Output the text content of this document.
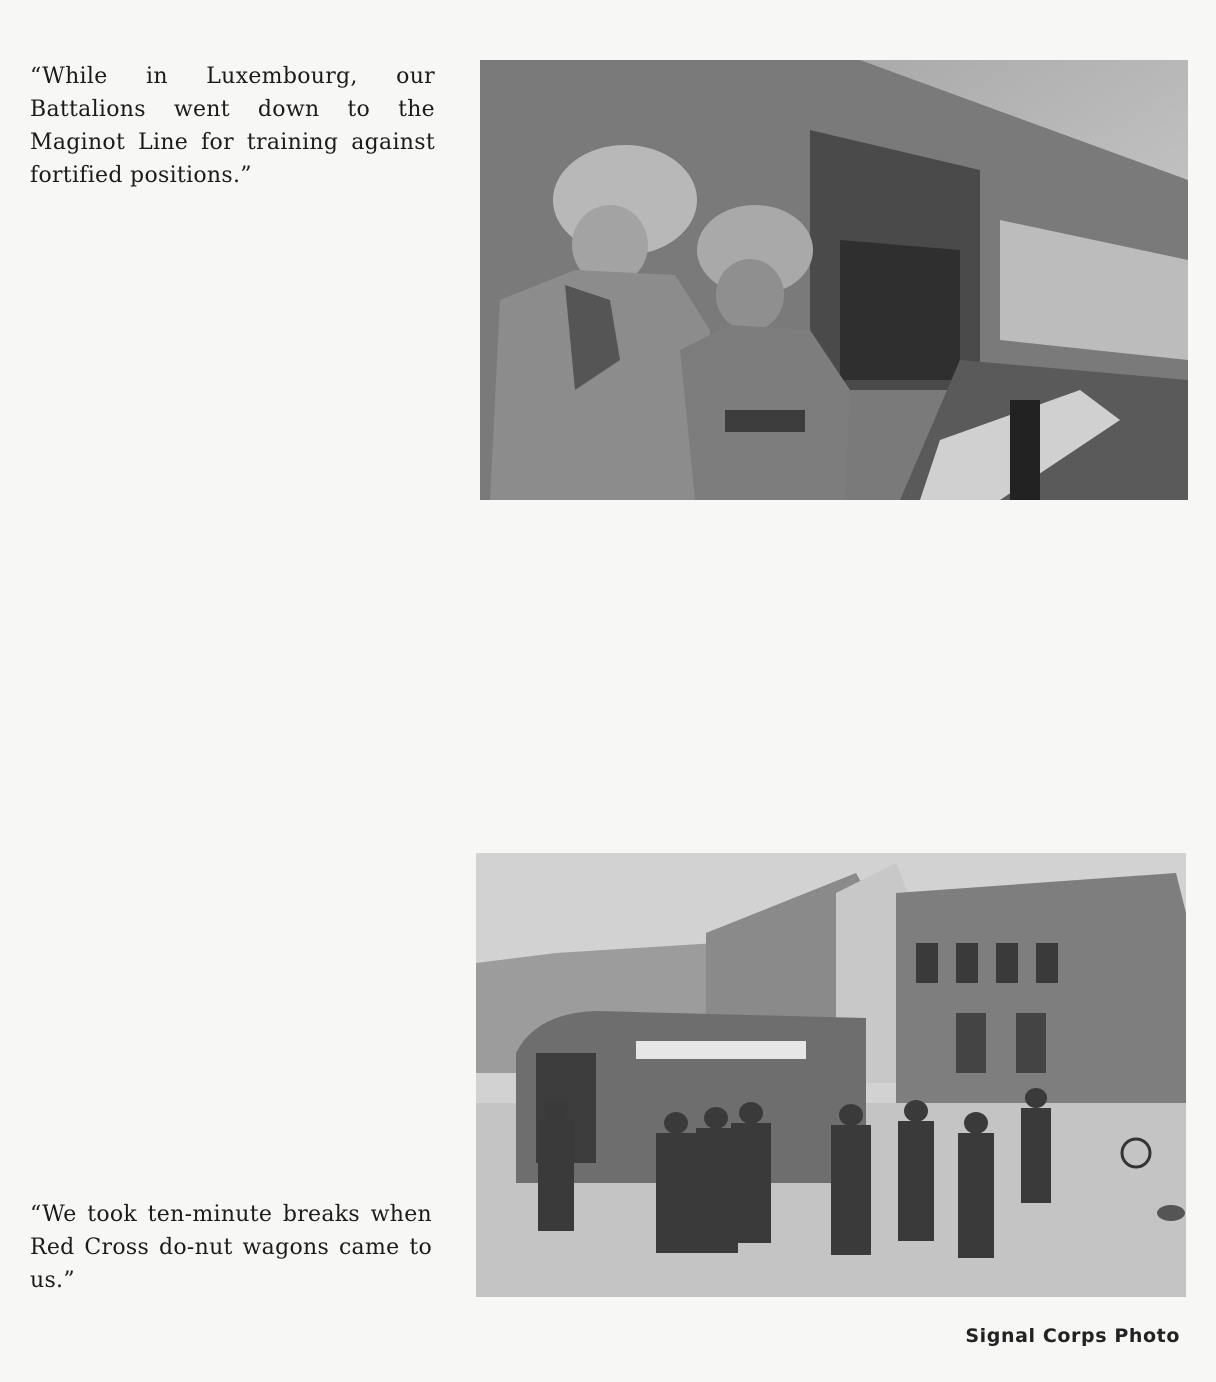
“While in Luxembourg, our Battalions went down to the Maginot Line for training against fortified positions.”
“We took ten-minute breaks when Red Cross do-nut wagons came to us.”
Signal Corps Photo
